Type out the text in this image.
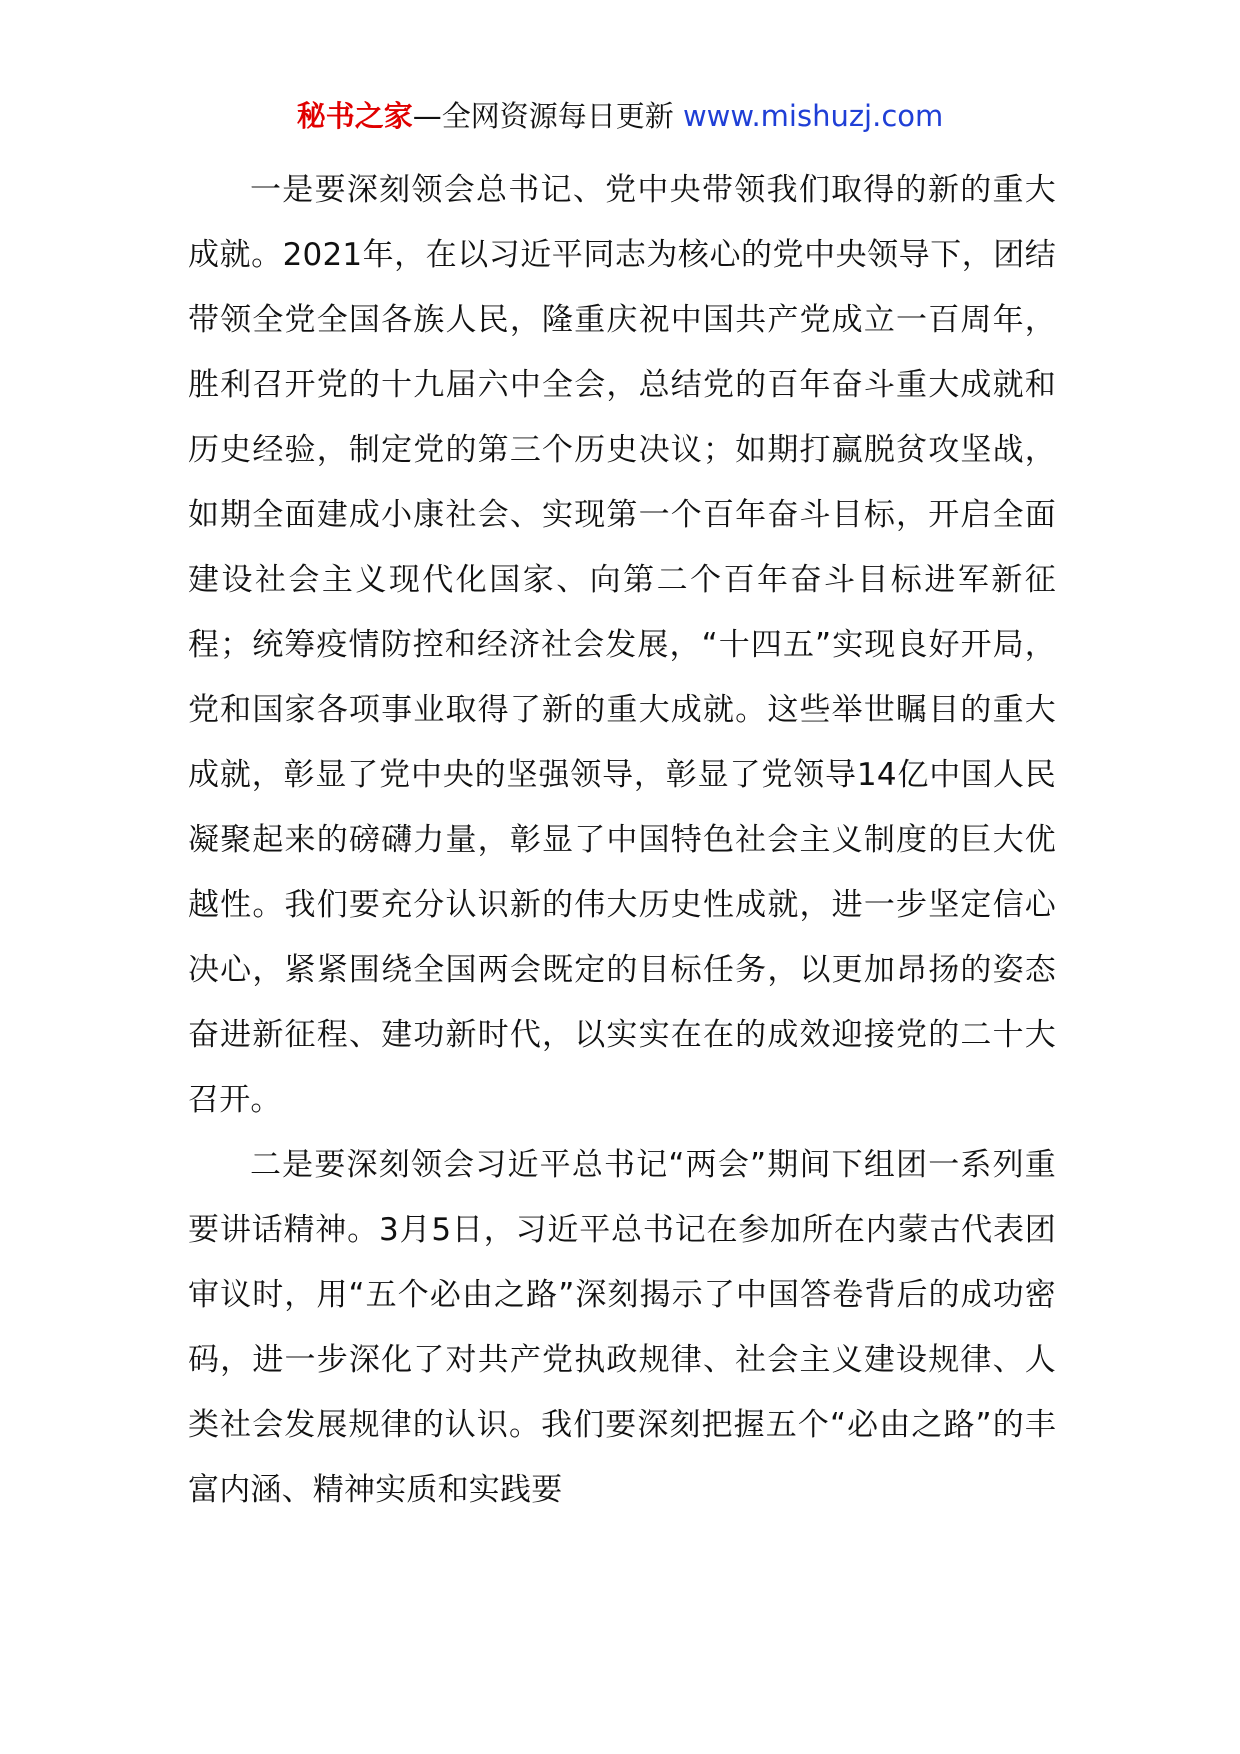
秘书之家—全网资源每日更新 www.mishuzj.com

一是要深刻领会总书记、党中央带领我们取得的新的重大成就。2021年，在以习近平同志为核心的党中央领导下，团结带领全党全国各族人民，隆重庆祝中国共产党成立一百周年，胜利召开党的十九届六中全会，总结党的百年奋斗重大成就和历史经验，制定党的第三个历史决议；如期打赢脱贫攻坚战，如期全面建成小康社会、实现第一个百年奋斗目标，开启全面建设社会主义现代化国家、向第二个百年奋斗目标进军新征程；统筹疫情防控和经济社会发展，“十四五”实现良好开局，党和国家各项事业取得了新的重大成就。这些举世瞩目的重大成就，彰显了党中央的坚强领导，彰显了党领导14亿中国人民凝聚起来的磅礴力量，彰显了中国特色社会主义制度的巨大优越性。我们要充分认识新的伟大历史性成就，进一步坚定信心决心，紧紧围绕全国两会既定的目标任务，以更加昂扬的姿态奋进新征程、建功新时代，以实实在在的成效迎接党的二十大召开。

二是要深刻领会习近平总书记“两会”期间下组团一系列重要讲话精神。3月5日，习近平总书记在参加所在内蒙古代表团审议时，用“五个必由之路”深刻揭示了中国答卷背后的成功密码，进一步深化了对共产党执政规律、社会主义建设规律、人类社会发展规律的认识。我们要深刻把握五个“必由之路”的丰富内涵、精神实质和实践要
